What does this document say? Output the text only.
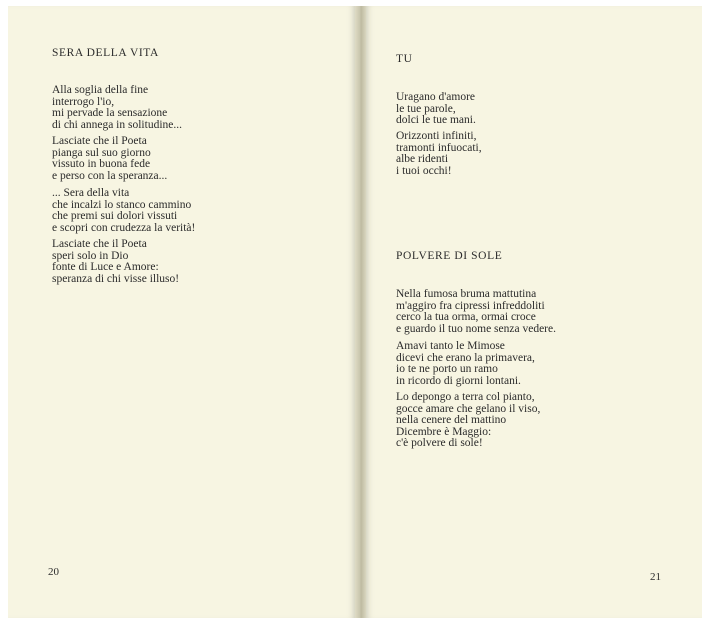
SERA DELLA VITA

Alla soglia della fine
interrogo l'io,
mi pervade la sensazione
di chi annega in solitudine...

Lasciate che il Poeta
pianga sul suo giorno
vissuto in buona fede
e perso con la speranza...

... Sera della vita
che incalzi lo stanco cammino
che premi sui dolori vissuti
e scopri con crudezza la verità!

Lasciate che il Poeta
speri solo in Dio
fonte di Luce e Amore:
speranza di chi visse illuso!

20

TU

Uragano d'amore
le tue parole,
dolci le tue mani.

Orizzonti infiniti,
tramonti infuocati,
albe ridenti
i tuoi occhi!

POLVERE DI SOLE

Nella fumosa bruma mattutina
m'aggiro fra cipressi infreddoliti
cerco la tua orma, ormai croce
e guardo il tuo nome senza vedere.

Amavi tanto le Mimose
dicevi che erano la primavera,
io te ne porto un ramo
in ricordo di giorni lontani.

Lo depongo a terra col pianto,
gocce amare che gelano il viso,
nella cenere del mattino
Dicembre è Maggio:
c'è polvere di sole!

21
